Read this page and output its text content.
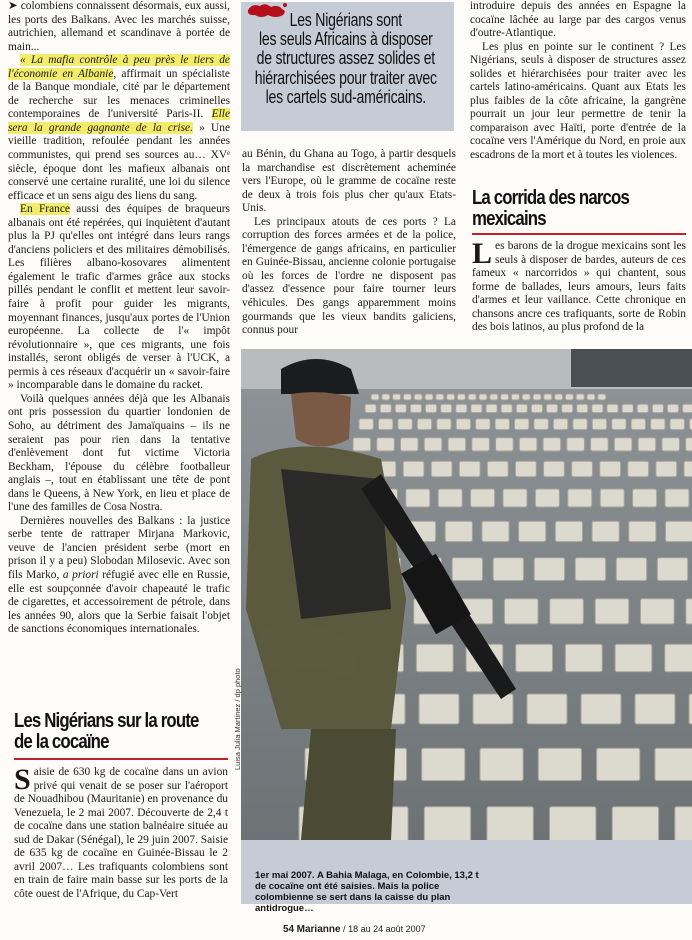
➤ colombiens connaissent désormais, eux aussi, les ports des Balkans. Avec les marchés suisse, autrichien, allemand et scandinave à portée de main...

« La mafia contrôle à peu près le tiers de l'économie en Albanie, affirmait un spécialiste de la Banque mondiale, cité par le département de recherche sur les menaces criminelles contemporaines de l'université Paris-II. Elle sera la grande gagnante de la crise. » Une vieille tradition, refoulée pendant les années communistes, qui prend ses sources au… XVᵉ siècle, époque dont les mafieux albanais ont conservé une certaine ruralité, une loi du silence efficace et un sens aigu des liens du sang.

En France aussi des équipes de braqueurs albanais ont été repérées, qui inquiètent d'autant plus la PJ qu'elles ont intégré dans leurs rangs d'anciens policiers et des militaires démobilisés. Les filières albano-kosovares alimentent également le trafic d'armes grâce aux stocks pillés pendant le conflit et mettent leur savoir-faire à profit pour guider les migrants, moyennant finances, jusqu'aux portes de l'Union européenne. La collecte de l'« impôt révolutionnaire », que ces migrants, une fois installés, seront obligés de verser à l'UCK, a permis à ces réseaux d'acquérir un « savoir-faire » incomparable dans le domaine du racket.

Voilà quelques années déjà que les Albanais ont pris possession du quartier londonien de Soho, au détriment des Jamaïquains – ils ne seraient pas pour rien dans la tentative d'enlèvement dont fut victime Victoria Beckham, l'épouse du célèbre footballeur anglais –, tout en établissant une tête de pont dans le Queens, à New York, en lieu et place de l'une des familles de Cosa Nostra.

Dernières nouvelles des Balkans : la justice serbe tente de rattraper Mirjana Markovic, veuve de l'ancien président serbe (mort en prison il y a peu) Slobodan Milosevic. Avec son fils Marko, a priori réfugié avec elle en Russie, elle est soupçonnée d'avoir chapeauté le trafic de cigarettes, et accessoirement de pétrole, dans les années 90, alors que la Serbie faisait l'objet de sanctions économiques internationales.

Les Nigérians sur la route
de la cocaïne

Saisie de 630 kg de cocaïne dans un avion privé qui venait de se poser sur l'aéroport de Nouadhibou (Mauritanie) en provenance du Venezuela, le 2 mai 2007. Découverte de 2,4 t de cocaïne dans une station balnéaire située au sud de Dakar (Sénégal), le 29 juin 2007. Saisie de 635 kg de cocaïne en Guinée-Bissau le 2 avril 2007… Les trafiquants colombiens sont en train de faire main basse sur les ports de la côte ouest de l'Afrique, du Cap-Vert

Les Nigérians sont
les seuls Africains à disposer
de structures assez solides et
hiérarchisées pour traiter avec
les cartels sud-américains.

au Bénin, du Ghana au Togo, à partir desquels la marchandise est discrètement acheminée vers l'Europe, où le gramme de cocaïne reste de deux à trois fois plus cher qu'aux Etats-Unis.

Les principaux atouts de ces ports ? La corruption des forces armées et de la police, l'émergence de gangs africains, en particulier en Guinée-Bissau, ancienne colonie portugaise où les forces de l'ordre ne disposent pas d'assez d'essence pour faire tourner leurs véhicules. Des gangs apparemment moins gourmands que les vieux bandits galiciens, connus pour

introduire depuis des années en Espagne la cocaïne lâchée au large par des cargos venus d'outre-Atlantique.

Les plus en pointe sur le continent ? Les Nigérians, seuls à disposer de structures assez solides et hiérarchisées pour traiter avec les cartels latino-américains. Quant aux Etats les plus faibles de la côte africaine, la gangrène pourrait un jour leur permettre de tenir la comparaison avec Haïti, porte d'entrée de la cocaïne vers l'Amérique du Nord, en proie aux escadrons de la mort et à toutes les violences.

La corrida des narcos
mexicains

Les barons de la drogue mexicains sont les seuls à disposer de bardes, auteurs de ces fameux « narcorridos » qui chantent, sous forme de ballades, leurs amours, leurs faits d'armes et leur vaillance. Cette chronique en chansons ancre ces trafiquants, sorte de Robin des bois latinos, au plus profond de la

Luisa Julia Martinez / dp photo
1er mai 2007. A Bahia Malaga, en Colombie, 13,2 t de cocaïne ont été saisies. Mais la police colombienne se sert dans la caisse du plan antidrogue…
54 Marianne / 18 au 24 août 2007
